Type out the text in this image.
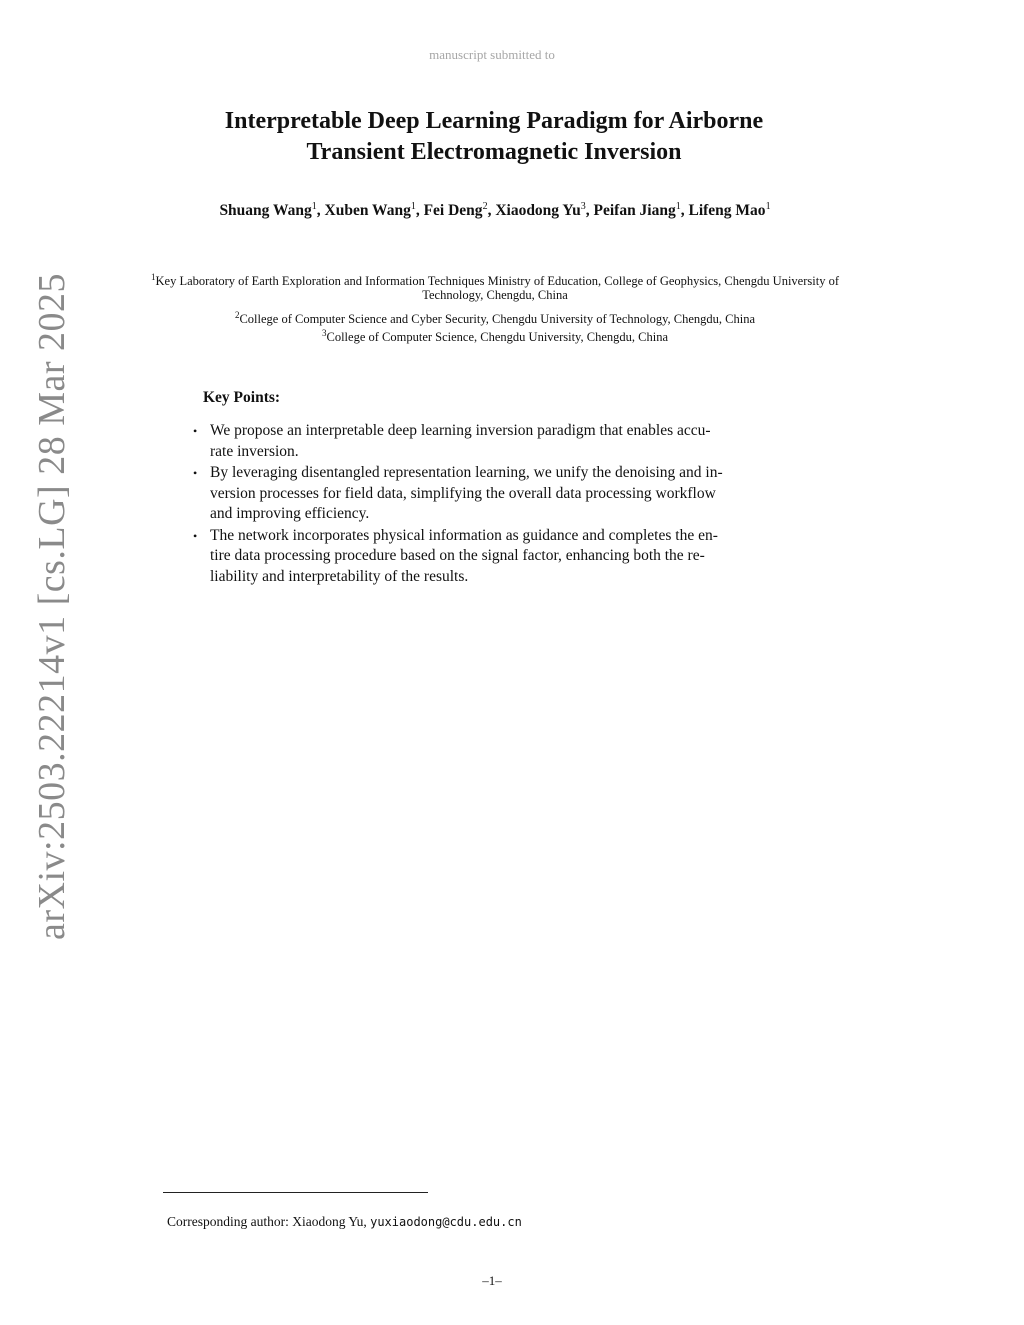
manuscript submitted to
arXiv:2503.22214v1 [cs.LG] 28 Mar 2025
Interpretable Deep Learning Paradigm for Airborne
Transient Electromagnetic Inversion
Shuang Wang$^1$, Xuben Wang$^1$, Fei Deng$^2$, Xiaodong Yu$^3$, Peifan Jiang$^1$, Lifeng Mao$^1$
$^1$Key Laboratory of Earth Exploration and Information Techniques Ministry of Education, College of Geophysics, Chengdu University of Technology, Chengdu, China
$^2$College of Computer Science and Cyber Security, Chengdu University of Technology, Chengdu, China
$^3$College of Computer Science, Chengdu University, Chengdu, China
Key Points:
• We propose an interpretable deep learning inversion paradigm that enables accu-
rate inversion.
• By leveraging disentangled representation learning, we unify the denoising and in-
version processes for field data, simplifying the overall data processing workflow
and improving efficiency.
• The network incorporates physical information as guidance and completes the en-
tire data processing procedure based on the signal factor, enhancing both the re-
liability and interpretability of the results.
Corresponding author: Xiaodong Yu, yuxiaodong@cdu.edu.cn
–1–
